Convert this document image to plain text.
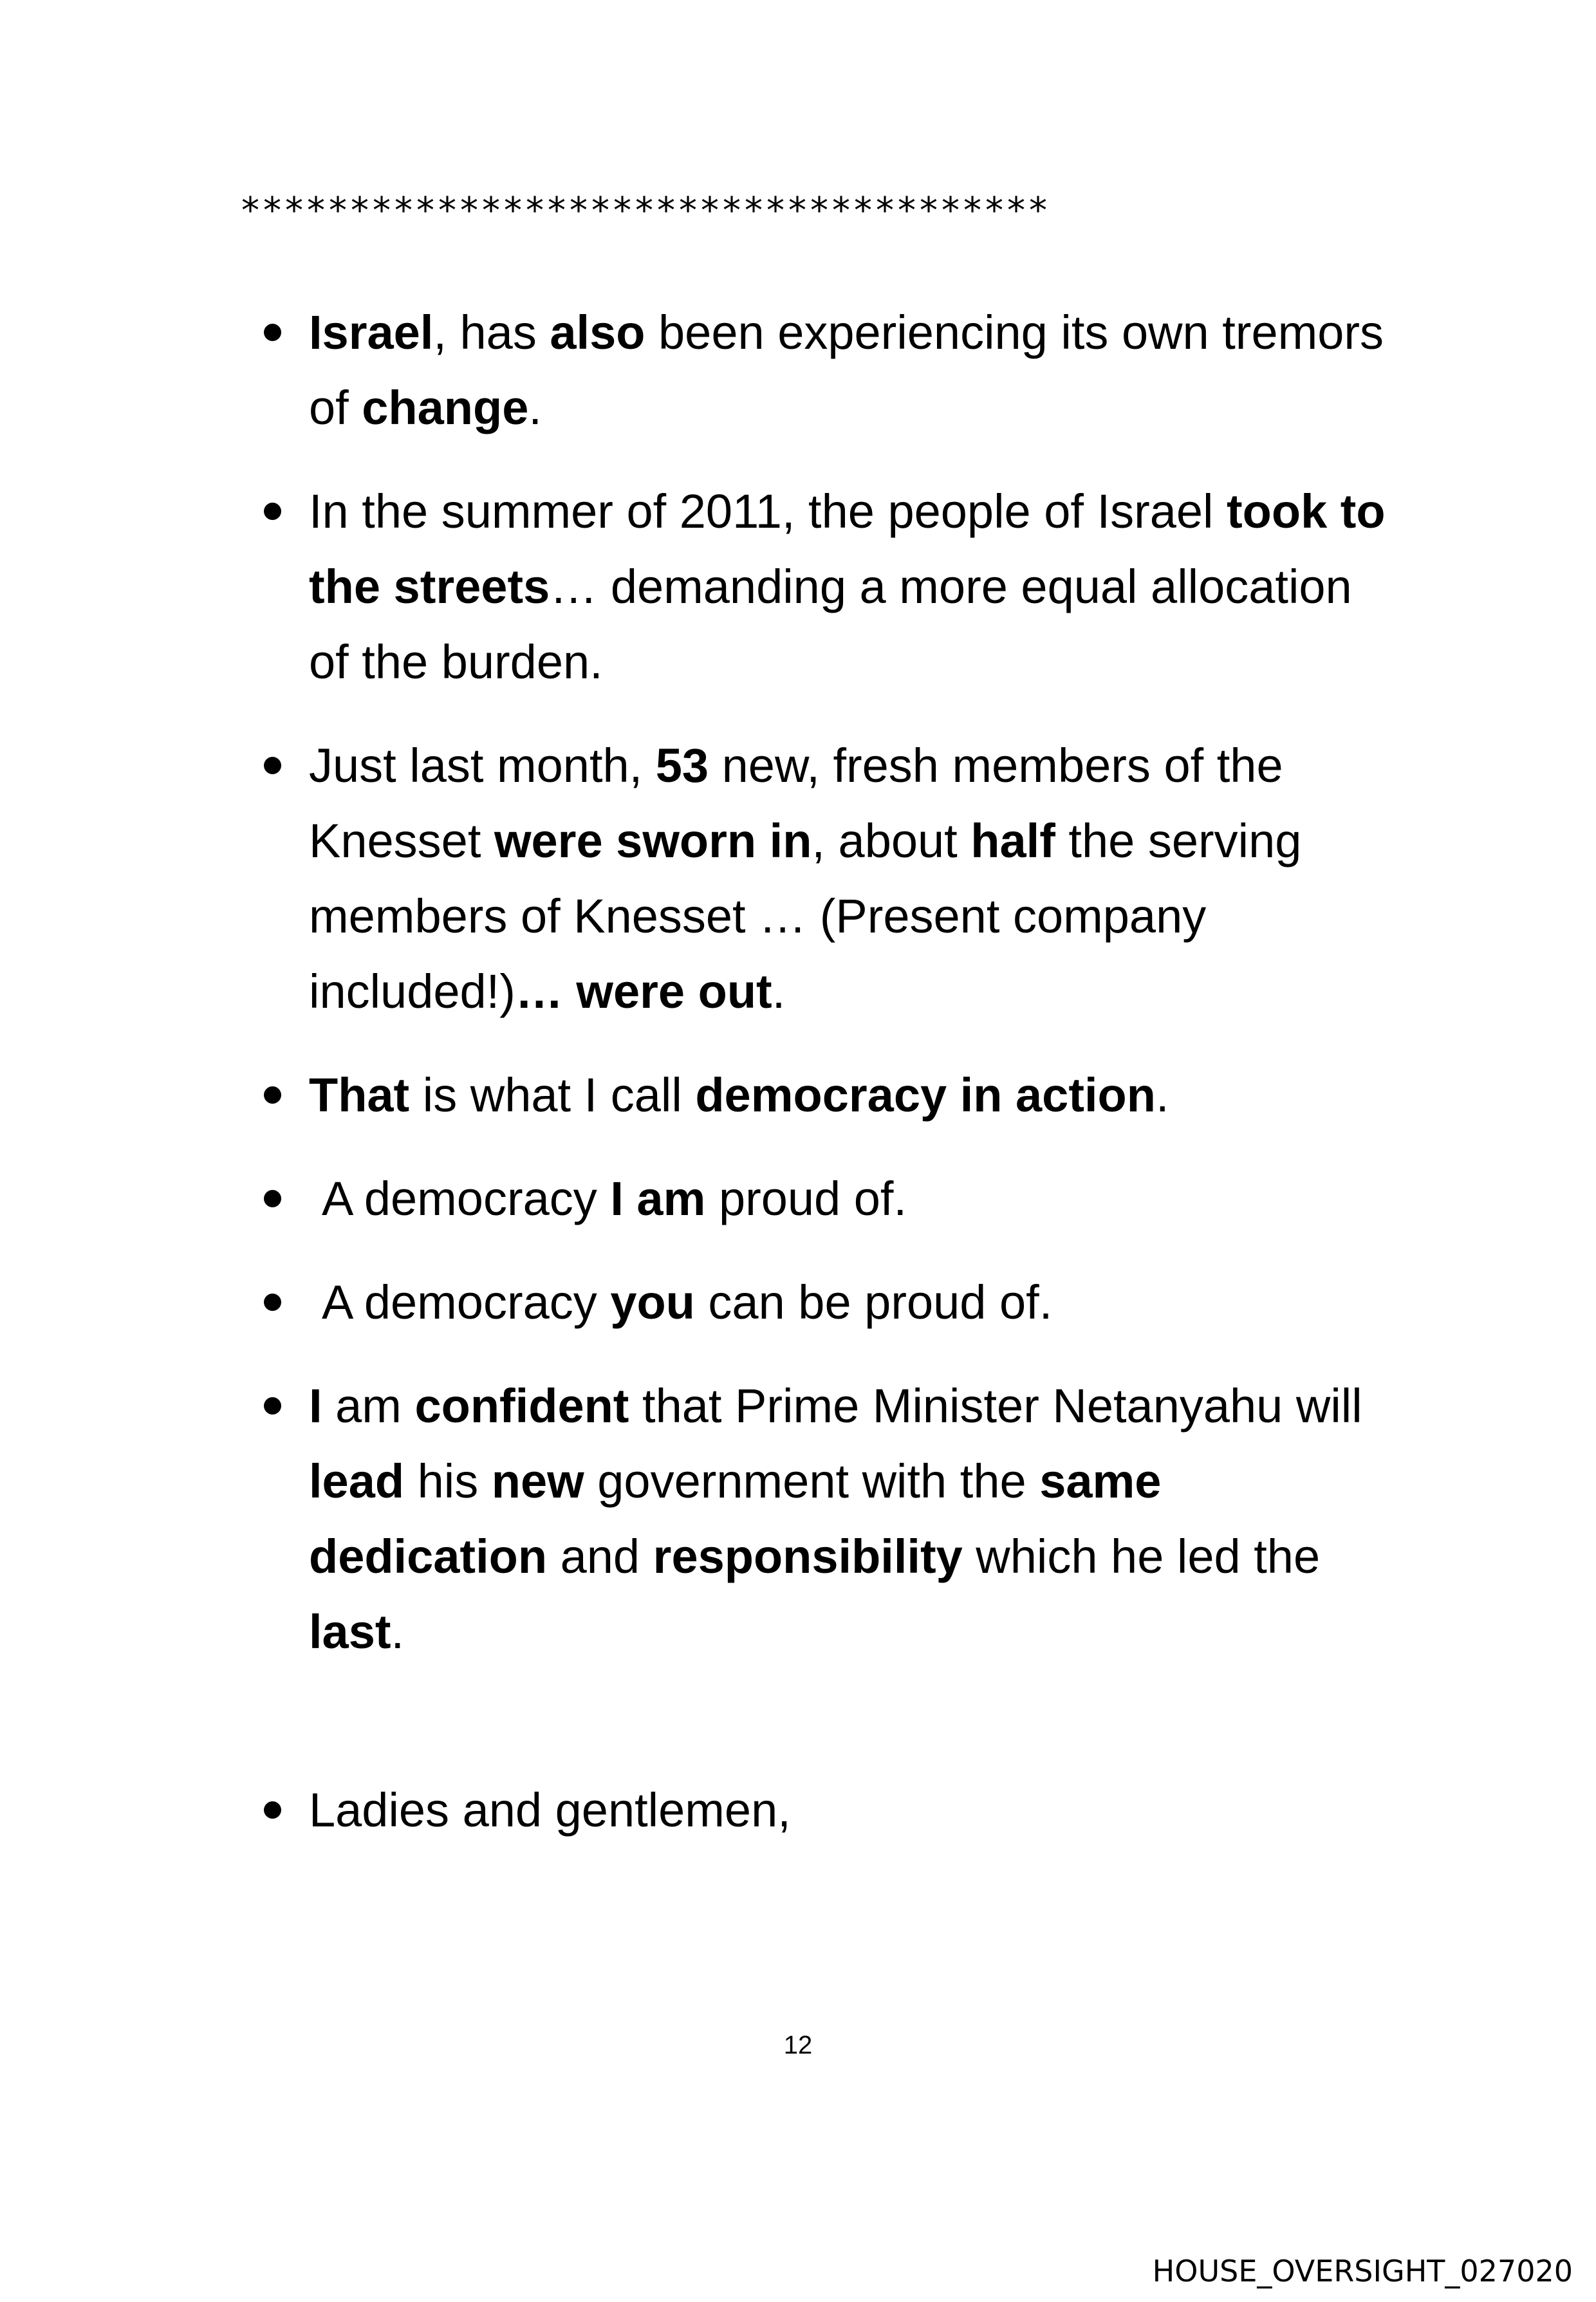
*************************************
Israel, has also been experiencing its own tremors of change.
In the summer of 2011, the people of Israel took to the streets… demanding a more equal allocation of the burden.
Just last month, 53 new, fresh members of the Knesset were sworn in, about half the serving members of Knesset … (Present company included!)… were out.
That is what I call democracy in action.
A democracy I am proud of.
A democracy you can be proud of.
I am confident that Prime Minister Netanyahu will lead his new government with the same dedication and responsibility which he led the last.
Ladies and gentlemen,
12
HOUSE_OVERSIGHT_027020
